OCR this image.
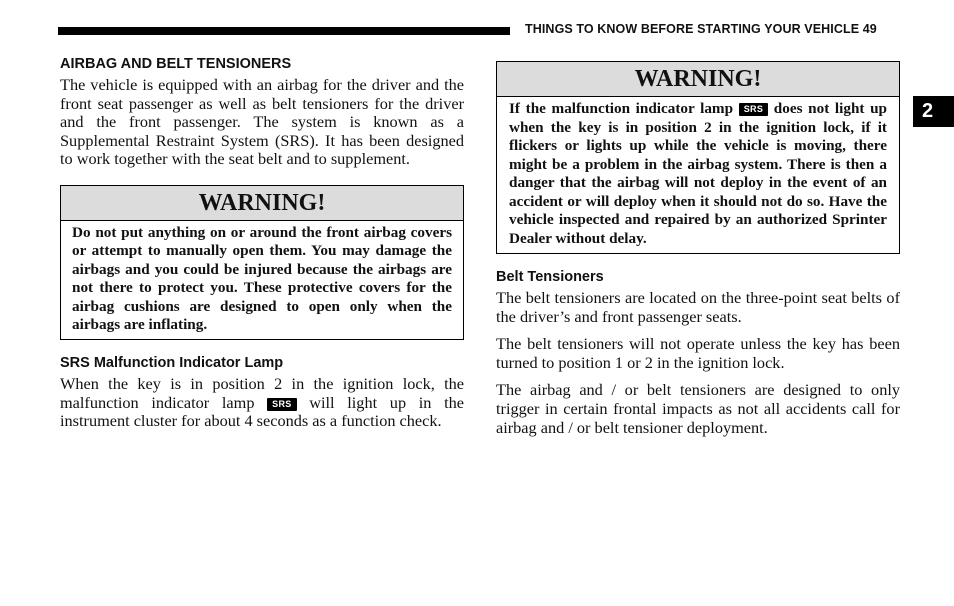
THINGS TO KNOW BEFORE STARTING YOUR VEHICLE 49
2
AIRBAG AND BELT TENSIONERS

The vehicle is equipped with an airbag for the driver and the front seat passenger as well as belt tensioners for the driver and the front passenger. The system is known as a Supplemental Restraint System (SRS). It has been designed to work together with the seat belt and to supplement.

WARNING!
Do not put anything on or around the front airbag covers or attempt to manually open them. You may damage the airbags and you could be injured because the airbags are not there to protect you. These protective covers for the airbag cushions are designed to open only when the airbags are inflating.
SRS Malfunction Indicator Lamp

When the key is in position 2 in the ignition lock, the malfunction indicator lamp SRS will light up in the instrument cluster for about 4 seconds as a function check.

WARNING!
If the malfunction indicator lamp SRS does not light up when the key is in position 2 in the ignition lock, if it flickers or lights up while the vehicle is moving, there might be a problem in the airbag system. There is then a danger that the airbag will not deploy in the event of an accident or will deploy when it should not do so. Have the vehicle inspected and repaired by an authorized Sprinter Dealer without delay.
Belt Tensioners

The belt tensioners are located on the three-point seat belts of the driver’s and front passenger seats.

The belt tensioners will not operate unless the key has been turned to position 1 or 2 in the ignition lock.

The airbag and / or belt tensioners are designed to only trigger in certain frontal impacts as not all accidents call for airbag and / or belt tensioner deployment.
